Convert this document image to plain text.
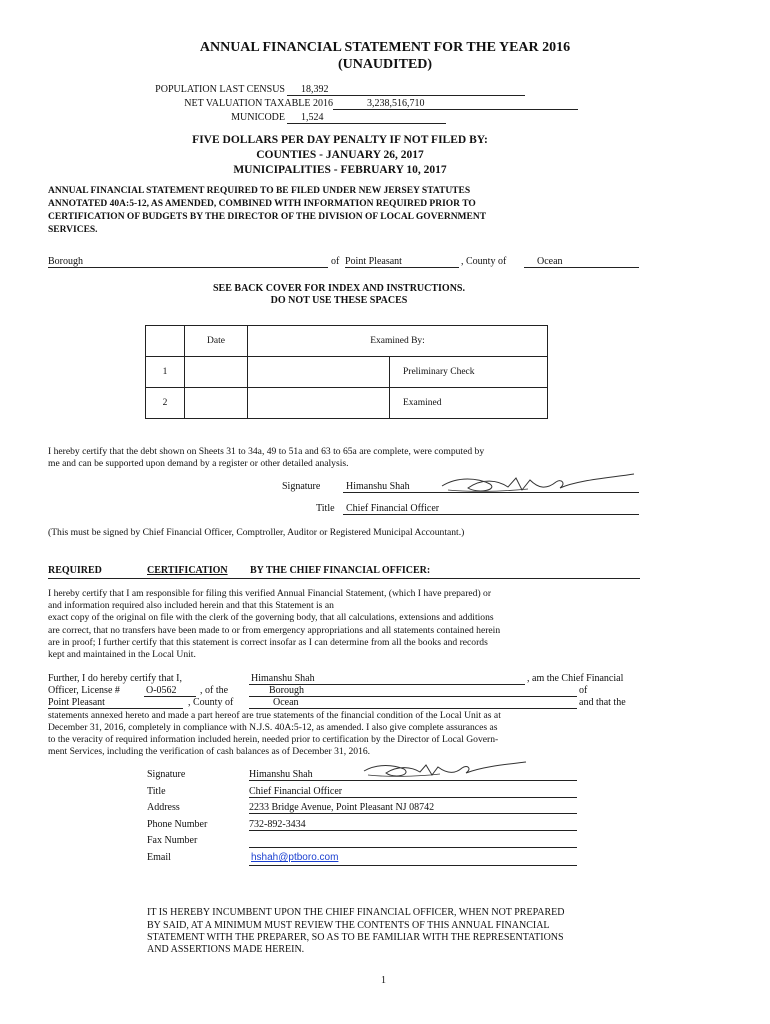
ANNUAL FINANCIAL STATEMENT FOR THE YEAR 2016
(UNAUDITED)
POPULATION LAST CENSUS	18,392
NET VALUATION TAXABLE 2016	3,238,516,710
MUNICODE	1,524
FIVE DOLLARS PER DAY PENALTY IF NOT FILED BY:
COUNTIES - JANUARY 26, 2017
MUNICIPALITIES - FEBRUARY 10, 2017
ANNUAL FINANCIAL STATEMENT REQUIRED TO BE FILED UNDER NEW JERSEY STATUTES
ANNOTATED 40A:5-12, AS AMENDED, COMBINED WITH INFORMATION REQUIRED PRIOR TO
CERTIFICATION OF BUDGETS BY THE DIRECTOR OF THE DIVISION OF LOCAL GOVERNMENT
SERVICES.
Borough	of Point Pleasant	, County of	Ocean
SEE BACK COVER FOR INDEX AND INSTRUCTIONS.
DO NOT USE THESE SPACES
	Date	Examined By:	
1			Preliminary Check
2			Examined
I hereby certify that the debt shown on Sheets 31 to 34a, 49 to 51a and 63 to 65a are complete, were computed by
me and can be supported upon demand by a register or other detailed analysis.
Signature	Himanshu Shah
Title	Chief Financial Officer
(This must be signed by Chief Financial Officer, Comptroller, Auditor or Registered Municipal Accountant.)
REQUIRED	CERTIFICATION BY THE CHIEF FINANCIAL OFFICER:
I hereby certify that I am responsible for filing this verified Annual Financial Statement, (which I have prepared) or
and information required also included herein and that this Statement is an
exact copy of the original on file with the clerk of the governing body, that all calculations, extensions and additions
are correct, that no transfers have been made to or from emergency appropriations and all statements contained herein
are in proof; I further certify that this statement is correct insofar as I can determine from all the books and records
kept and maintained in the Local Unit.
Further, I do hereby certify that I,	Himanshu Shah	, am the Chief Financial
Officer, License #	O-0562	, of the	Borough	of
Point Pleasant	, County of	Ocean	and that the
statements annexed hereto and made a part hereof are true statements of the financial condition of the Local Unit as at
December 31, 2016, completely in compliance with N.J.S. 40A:5-12, as amended. I also give complete assurances as
to the veracity of required information included herein, needed prior to certification by the Director of Local Govern-
ment Services, including the verification of cash balances as of December 31, 2016.
Signature	Himanshu Shah
Title	Chief Financial Officer
Address	2233 Bridge Avenue, Point Pleasant NJ 08742
Phone Number	732-892-3434
Fax Number
Email	hshah@ptboro.com
IT IS HEREBY INCUMBENT UPON THE CHIEF FINANCIAL OFFICER, WHEN NOT PREPARED
BY SAID, AT A MINIMUM MUST REVIEW THE CONTENTS OF THIS ANNUAL FINANCIAL
STATEMENT WITH THE PREPARER, SO AS TO BE FAMILIAR WITH THE REPRESENTATIONS
AND ASSERTIONS MADE HEREIN.
1
